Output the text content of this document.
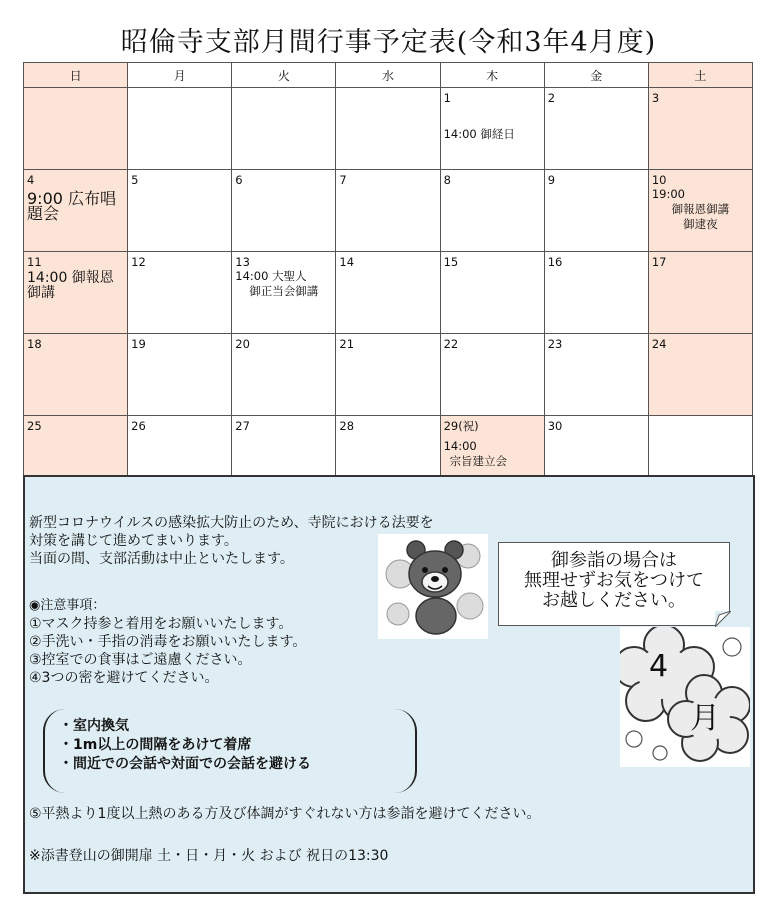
昭倫寺支部月間行事予定表(令和3年4月度)
日	月	火	水	木	金	土

				1
14:00 御経日	2	3

4
9:00 広布唱題会	5	6	7	8	9	10
19:00
御報恩御講
御逮夜

11
14:00 御報恩御講	12	13
14:00 大聖人
御正当会御講	14	15	16	17

18	19	20	21	22	23	24

25	26	27	28	29(祝)
14:00
宗旨建立会	30	

新型コロナウイルスの感染拡大防止のため、寺院における法要を
対策を講じて進めてまいります。
当面の間、支部活動は中止といたします。
◉注意事項：
①マスク持参と着用をお願いいたします。
②手洗い・手指の消毒をお願いいたします。
③控室での食事はご遠慮ください。
④3つの密を避けてください。
・室内換気
・1m以上の間隔をあけて着席
・間近での会話や対面での会話を避ける
⑤平熱より1度以上熱のある方及び体調がすぐれない方は参詣を避けてください。
※添書登山の御開扉 土・日・月・火 および 祝日の13:30
御参詣の場合は
無理せずお気をつけて
お越しください。
4
月
